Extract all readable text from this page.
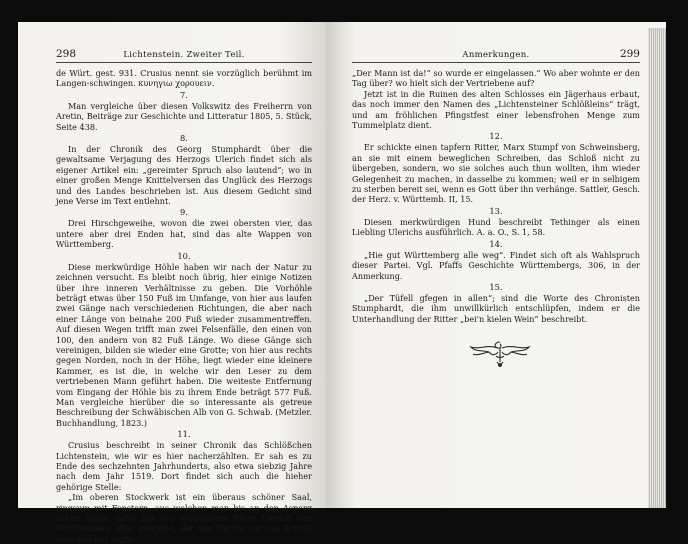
298	Lichtenstein. Zweiter Teil.

de Würt. gest. 931. Crusius nennt sie vorzüglich berühmt im Langen-schwingen. κυνηγιω χορουειν.

7.

Man vergleiche über diesen Volkswitz des Freiherrn von Aretin, Beiträge zur Geschichte und Litteratur 1805, 5. Stück, Seite 438.

8.

In der Chronik des Georg Stumphardt über die gewaltsame Verjagung des Herzogs Ulerich findet sich als eigener Artikel ein: „gereimter Spruch also lautend“; wo in einer großen Menge Knittelversen das Unglück des Herzogs und des Landes beschrieben ist. Aus diesem Gedicht sind jene Verse im Text entlehnt.

9.

Drei Hirschgeweihe, wovon die zwei obersten vier, das untere aber drei Enden hat, sind das alte Wappen von Württemberg.

10.

Diese merkwürdige Höhle haben wir nach der Natur zu zeichnen versucht. Es bleibt noch übrig, hier einige Notizen über ihre inneren Verhältnisse zu geben. Die Vorhöhle beträgt etwas über 150 Fuß im Umfange, von hier aus laufen zwei Gänge nach verschiedenen Richtungen, die aber nach einer Länge von beinahe 200 Fuß wieder zusammentreffen. Auf diesen Wegen trifft man zwei Felsenfälle, den einen von 100, den andern von 82 Fuß Länge. Wo diese Gänge sich vereinigen, bilden sie wieder eine Grotte; von hier aus rechts gegen Norden, noch in der Höhe, liegt wieder eine kleinere Kammer, es ist die, in welche wir den Leser zu dem vertriebenen Mann geführt haben. Die weiteste Entfernung vom Eingang der Höhle bis zu ihrem Ende beträgt 577 Fuß. Man vergleiche hierüber die so interessante als getreue Beschreibung der Schwäbischen Alb von G. Schwab. (Metzler. Buchhandlung, 1823.)

11.

Crusius beschreibt in seiner Chronik das Schlößchen Lichtenstein, wie wir es hier nacherzählten. Er sah es zu Ende des sechzehnten Jahrhunderts, also etwa siebzig Jahre nach dem Jahr 1519. Dort findet sich auch die hieher gehörige Stelle:

„Im oberen Stockwerk ist ein überaus schöner Saal, ringsum mit Fenstern, aus welchen man bis an den Asperg sehen kann; darin hat der vertriebene Fürst Ulerich von Württemberg öfter gewohnt, der des Nachts vor das Schloß kam und nur sagte:

Anmerkungen.	299

„Der Mann ist da!“ so wurde er eingelassen.“ Wo aber wohnte er den Tag über? wo hielt sich der Vertriebene auf?

Jetzt ist in die Ruinen des alten Schlosses ein Jägerhaus erbaut, das noch immer den Namen des „Lichtensteiner Schlößleins“ trägt, und am fröhlichen Pfingstfest einer lebensfrohen Menge zum Tummelplatz dient.

12.

Er schickte einen tapfern Ritter, Marx Stumpf von Schweinsberg, an sie mit einem beweglichen Schreiben, das Schloß nicht zu übergeben, sondern, wo sie solches auch thun wollten, ihm wieder Gelegenheit zu machen, in dasselbe zu kommen; weil er in selbigem zu sterben bereit sei, wenn es Gott über ihn verhänge. Sattler, Gesch. der Herz. v. Württemb. II, 15.

13.

Diesen merkwürdigen Hund beschreibt Tethinger als einen Liebling Ulerichs ausführlich. A. a. O., S. 1, 58.

14.

„Hie gut Württemberg alle weg“. Findet sich oft als Wahlspruch dieser Partei. Vgl. Pfaffs Geschichte Württembergs, 306, in der Anmerkung.

15.

„Der Tüfell gfegen in allen“; sind die Worte des Chronisten Stumphardt, die ihm unwillkürlich entschlüpfen, indem er die Unterhandlung der Ritter „bei'n kielen Wein“ beschreibt.
